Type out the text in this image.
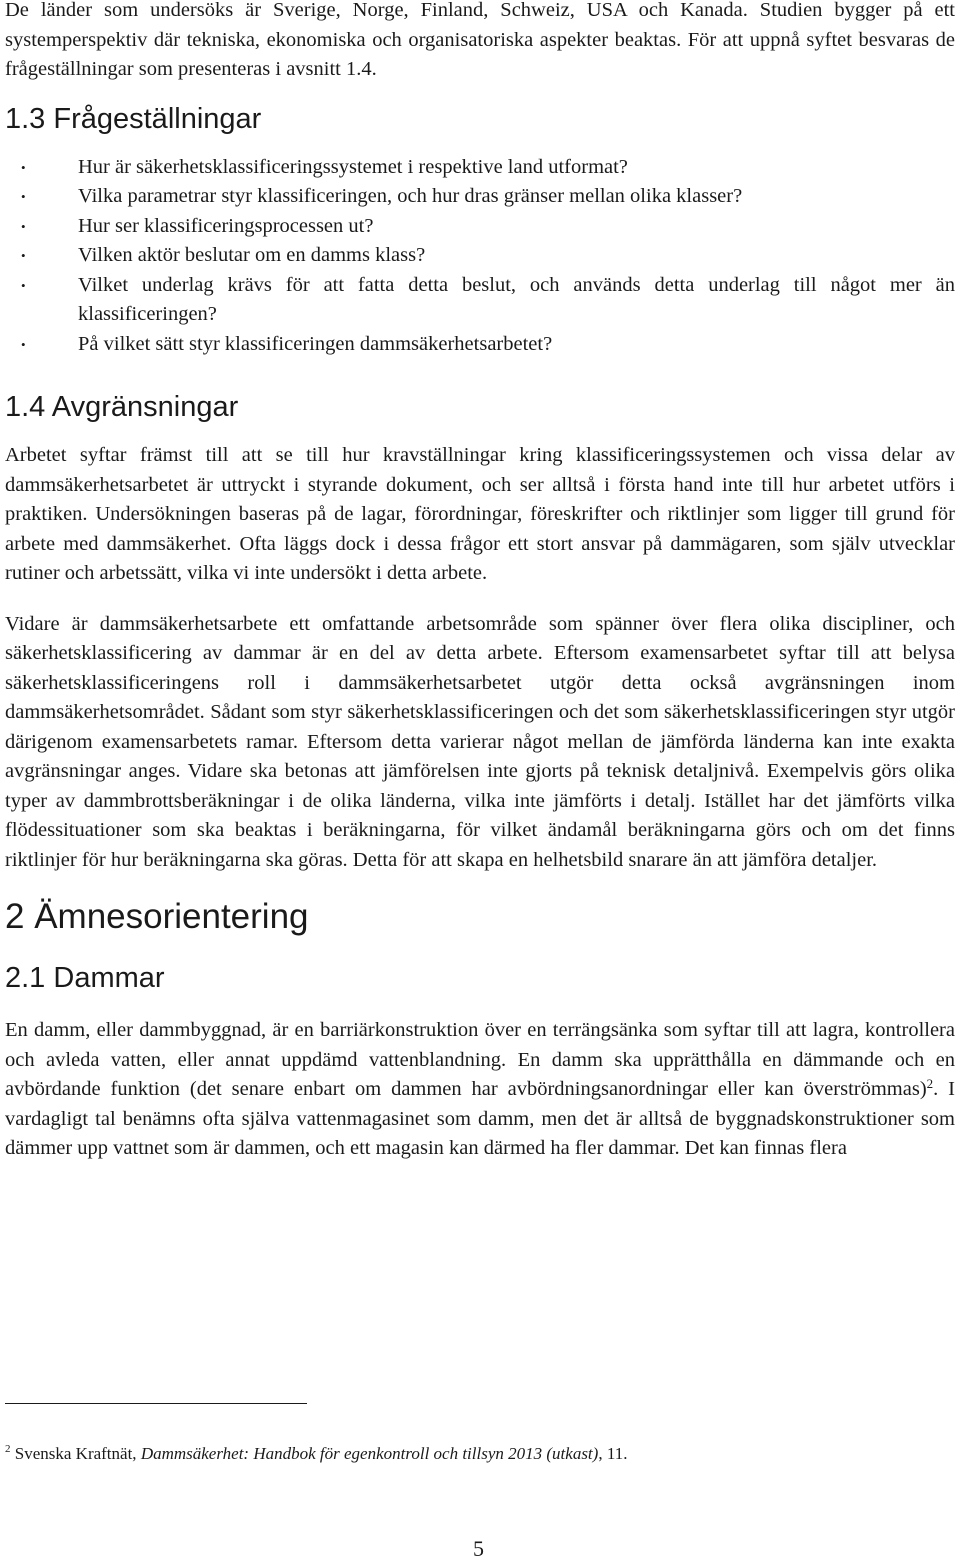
De länder som undersöks är Sverige, Norge, Finland, Schweiz, USA och Kanada. Studien bygger på ett systemperspektiv där tekniska, ekonomiska och organisatoriska aspekter beaktas. För att uppnå syftet besvaras de frågeställningar som presenteras i avsnitt 1.4.

1.3 Frågeställningar
•	Hur är säkerhetsklassificeringssystemet i respektive land utformat?
•	Vilka parametrar styr klassificeringen, och hur dras gränser mellan olika klasser?
•	Hur ser klassificeringsprocessen ut?
•	Vilken aktör beslutar om en damms klass?
•	Vilket underlag krävs för att fatta detta beslut, och används detta underlag till något mer än klassificeringen?
•	På vilket sätt styr klassificeringen dammsäkerhetsarbetet?
1.4 Avgränsningar

Arbetet syftar främst till att se till hur kravställningar kring klassificeringssystemen och vissa delar av dammsäkerhetsarbetet är uttryckt i styrande dokument, och ser alltså i första hand inte till hur arbetet utförs i praktiken. Undersökningen baseras på de lagar, förordningar, föreskrifter och riktlinjer som ligger till grund för arbete med dammsäkerhet. Ofta läggs dock i dessa frågor ett stort ansvar på dammägaren, som själv utvecklar rutiner och arbetssätt, vilka vi inte undersökt i detta arbete.

Vidare är dammsäkerhetsarbete ett omfattande arbetsområde som spänner över flera olika discipliner, och säkerhetsklassificering av dammar är en del av detta arbete. Eftersom examensarbetet syftar till att belysa säkerhetsklassificeringens roll i dammsäkerhetsarbetet utgör detta också avgränsningen inom dammsäkerhetsområdet. Sådant som styr säkerhetsklassificeringen och det som säkerhetsklassificeringen styr utgör därigenom examensarbetets ramar. Eftersom detta varierar något mellan de jämförda länderna kan inte exakta avgränsningar anges. Vidare ska betonas att jämförelsen inte gjorts på teknisk detaljnivå. Exempelvis görs olika typer av dammbrottsberäkningar i de olika länderna, vilka inte jämförts i detalj. Istället har det jämförts vilka flödessituationer som ska beaktas i beräkningarna, för vilket ändamål beräkningarna görs och om det finns riktlinjer för hur beräkningarna ska göras. Detta för att skapa en helhetsbild snarare än att jämföra detaljer.

2 Ämnesorientering
2.1 Dammar

En damm, eller dammbyggnad, är en barriärkonstruktion över en terrängsänka som syftar till att lagra, kontrollera och avleda vatten, eller annat uppdämd vattenblandning. En damm ska upprätthålla en dämmande och en avbördande funktion (det senare enbart om dammen har avbördningsanordningar eller kan överströmmas)$^2$. I vardagligt tal benämns ofta själva vattenmagasinet som damm, men det är alltså de byggnadskonstruktioner som dämmer upp vattnet som är dammen, och ett magasin kan därmed ha fler dammar. Det kan finnas flera

$^2$ Svenska Kraftnät, Dammsäkerhet: Handbok för egenkontroll och tillsyn 2013 (utkast), 11.
5
